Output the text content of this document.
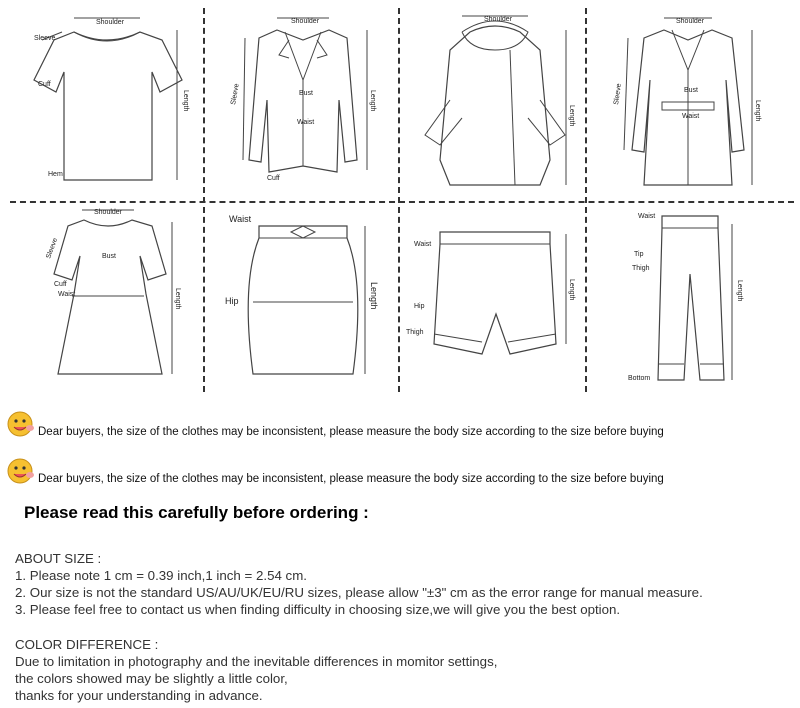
Shoulder
Sleeve
Cuff
Hem
Length
Shoulder
Sleeve	Bust
Waist
Cuff
Length
Shoulder
Length
Shoulder
Sleeve	Bust
Waist	Length
Shoulder
Sleeve	Bust
Cuff
Waist	Length
Waist
Hip	Length
Waist
Hip
Thigh
Length
Waist
Tip
Thigh
Bottom
Length
Dear buyers, the size of the clothes may be inconsistent, please measure the body size according to the size before buying
Dear buyers, the size of the clothes may be inconsistent, please measure the body size according to the size before buying
Please read this carefully before ordering :
ABOUT SIZE :
1. Please note 1 cm = 0.39 inch,1 inch = 2.54 cm.
2. Our size is not the standard US/AU/UK/EU/RU sizes, please allow "±3" cm as the error range for manual measure.
3. Please feel free to contact us when finding difficulty in choosing size,we will give you the best option.
COLOR DIFFERENCE :
Due to limitation in photography and the inevitable differences in momitor settings,
the colors showed may be slightly a little color,
thanks for your understanding in advance.
